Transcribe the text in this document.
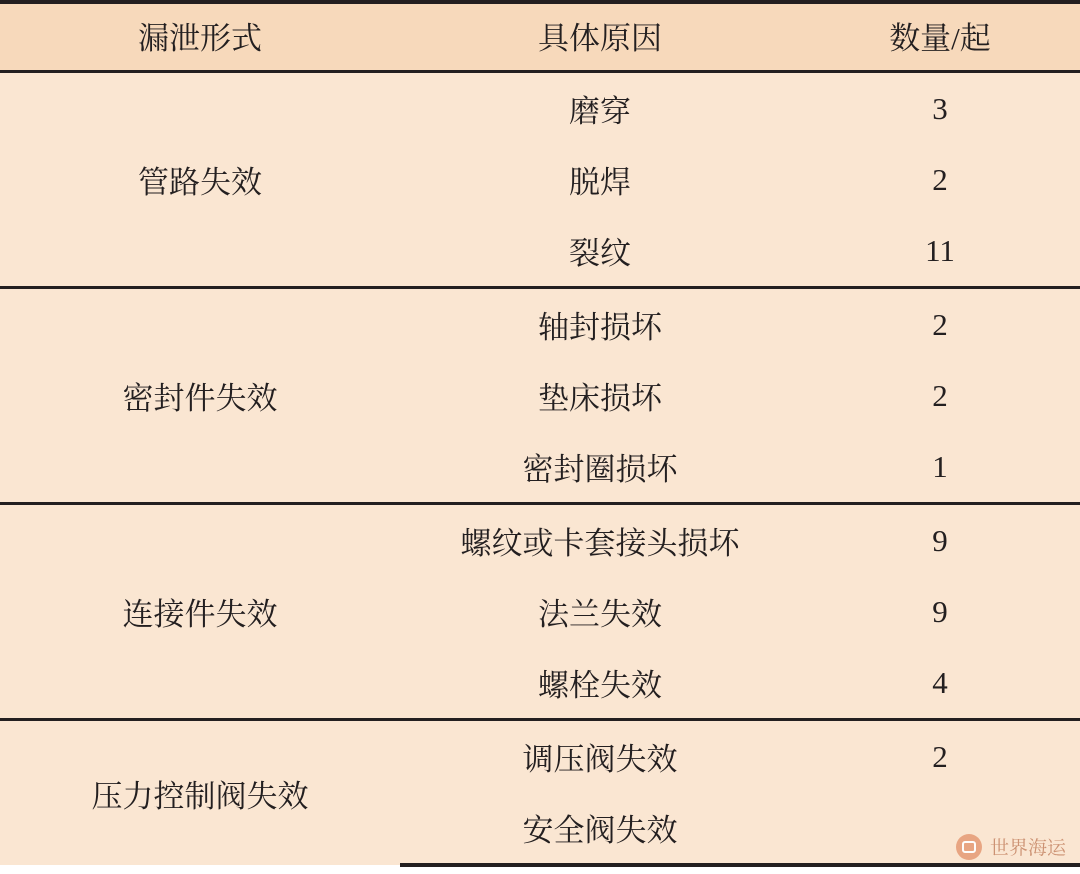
漏泄形式	具体原因	数量/起
管路失效	磨穿	3
	脱焊	2
	裂纹	11
密封件失效	轴封损坏	2
	垫床损坏	2
	密封圈损坏	1
连接件失效	螺纹或卡套接头损坏	9
	法兰失效	9
	螺栓失效	4
压力控制阀失效	调压阀失效	2
	安全阀失效	
世界海运
